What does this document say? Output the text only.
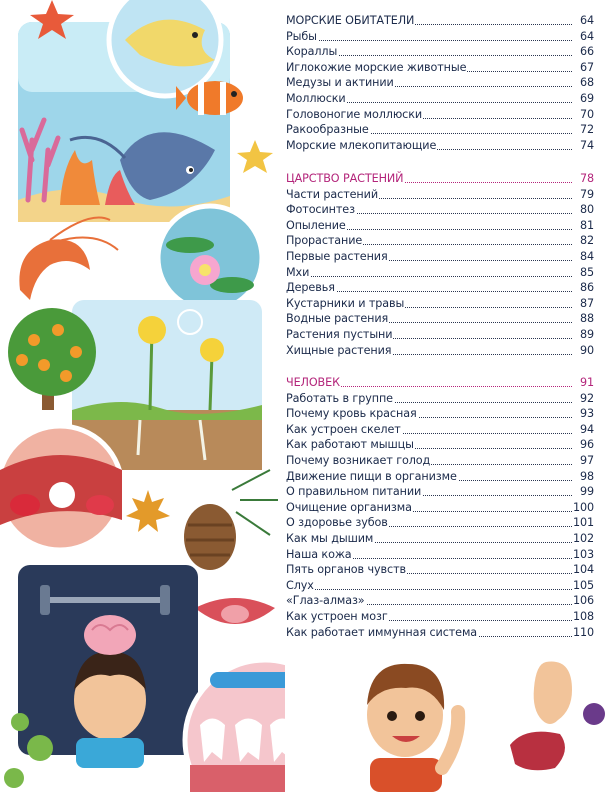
МОРСКИЕ ОБИТАТЕЛИ	64
Рыбы	64
Кораллы	66
Иглокожие морские животные	67
Медузы и актинии	68
Моллюски	69
Головоногие моллюски	70
Ракообразные	72
Морские млекопитающие	74
ЦАРСТВО РАСТЕНИЙ	78
Части растений	79
Фотосинтез	80
Опыление	81
Прорастание	82
Первые растения	84
Мхи	85
Деревья	86
Кустарники и травы	87
Водные растения	88
Растения пустыни	89
Хищные растения	90
ЧЕЛОВЕК	91
Работать в группе	92
Почему кровь красная	93
Как устроен скелет	94
Как работают мышцы	96
Почему возникает голод	97
Движение пищи в организме	98
О правильном питании	99
Очищение организма	100
О здоровье зубов	101
Как мы дышим	102
Наша кожа	103
Пять органов чувств	104
Слух	105
«Глаз-алмаз»	106
Как устроен мозг	108
Как работает иммунная система	110
